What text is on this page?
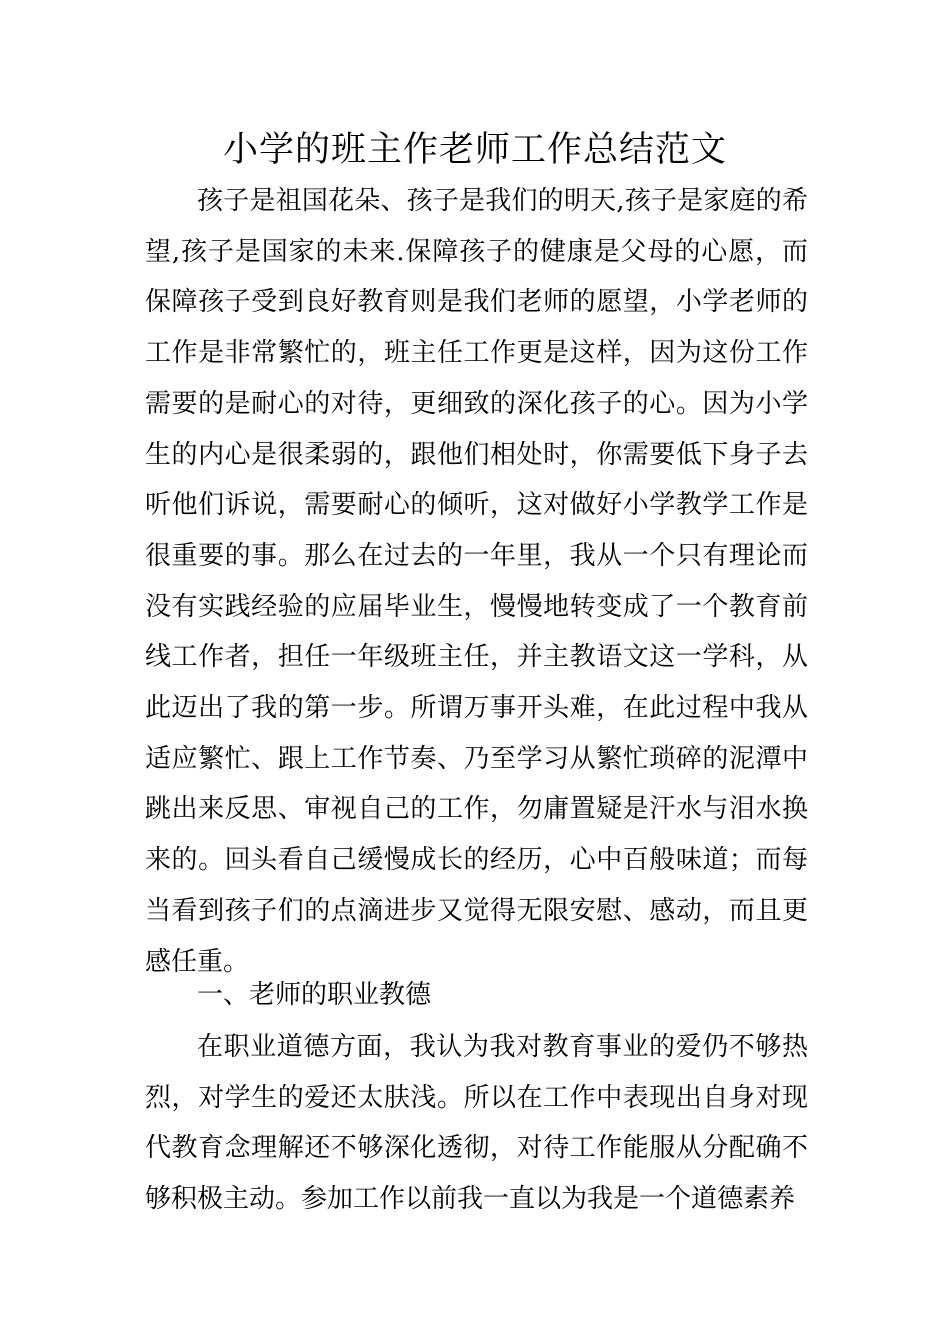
小学的班主作老师工作总结范文

孩子是祖国花朵、孩子是我们的明天,孩子是家庭的希望,孩子是国家的未来.保障孩子的健康是父母的心愿，而保障孩子受到良好教育则是我们老师的愿望，小学老师的工作是非常繁忙的，班主任工作更是这样，因为这份工作需要的是耐心的对待，更细致的深化孩子的心。因为小学生的内心是很柔弱的，跟他们相处时，你需要低下身子去听他们诉说，需要耐心的倾听，这对做好小学教学工作是很重要的事。那么在过去的一年里，我从一个只有理论而没有实践经验的应届毕业生，慢慢地转变成了一个教育前线工作者，担任一年级班主任，并主教语文这一学科，从此迈出了我的第一步。所谓万事开头难，在此过程中我从适应繁忙、跟上工作节奏、乃至学习从繁忙琐碎的泥潭中跳出来反思、审视自己的工作，勿庸置疑是汗水与泪水换来的。回头看自己缓慢成长的经历，心中百般味道；而每当看到孩子们的点滴进步又觉得无限安慰、感动，而且更感任重。

一、老师的职业教德

在职业道德方面，我认为我对教育事业的爱仍不够热烈，对学生的爱还太肤浅。所以在工作中表现出自身对现代教育念理解还不够深化透彻，对待工作能服从分配确不够积极主动。参加工作以前我一直以为我是一个道德素养
